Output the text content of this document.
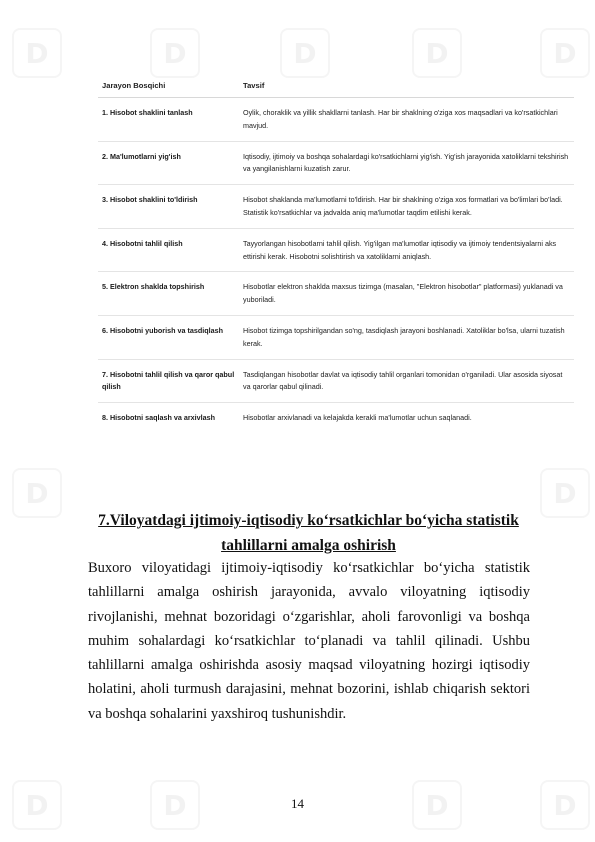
D	D	D	D	D
D	D
D	D	D	D
Jarayon Bosqichi	Tavsif
1. Hisobot shaklini tanlash	Oylik, choraklik va yillik shakllarni tanlash. Har bir shaklning o'ziga xos maqsadlari va ko'rsatkichlari mavjud.
2. Ma'lumotlarni yig'ish	Iqtisodiy, ijtimoiy va boshqa sohalardagi ko'rsatkichlarni yig'ish. Yig'ish jarayonida xatoliklarni tekshirish va yangilanishlarni kuzatish zarur.
3. Hisobot shaklini to'ldirish	Hisobot shaklanda ma'lumotlarni to'ldirish. Har bir shaklning o'ziga xos formatlari va bo'limlari bo'ladi. Statistik ko'rsatkichlar va jadvalda aniq ma'lumotlar taqdim etilishi kerak.
4. Hisobotni tahlil qilish	Tayyorlangan hisobotlarni tahlil qilish. Yig'ilgan ma'lumotlar iqtisodiy va ijtimoiy tendentsiyalarni aks ettirishi kerak. Hisobotni solishtirish va xatoliklarni aniqlash.
5. Elektron shaklda topshirish	Hisobotlar elektron shaklda maxsus tizimga (masalan, "Elektron hisobotlar" platformasi) yuklanadi va yuboriladi.
6. Hisobotni yuborish va tasdiqlash	Hisobot tizimga topshirilgandan so'ng, tasdiqlash jarayoni boshlanadi. Xatoliklar bo'lsa, ularni tuzatish kerak.
7. Hisobotni tahlil qilish va qaror qabul qilish	Tasdiqlangan hisobotlar davlat va iqtisodiy tahlil organlari tomonidan o'rganiladi. Ular asosida siyosat va qarorlar qabul qilinadi.
8. Hisobotni saqlash va arxivlash	Hisobotlar arxivlanadi va kelajakda kerakli ma'lumotlar uchun saqlanadi.
7.Viloyatdagi ijtimoiy-iqtisodiy ko‘rsatkichlar bo‘yicha statistik
tahlillarni amalga oshirish

Buxoro viloyatidagi ijtimoiy-iqtisodiy ko‘rsatkichlar bo‘yicha statistik tahlillarni amalga oshirish jarayonida, avvalo viloyatning iqtisodiy rivojlanishi, mehnat bozoridagi o‘zgarishlar, aholi farovonligi va boshqa muhim sohalardagi ko‘rsatkichlar to‘planadi va tahlil qilinadi. Ushbu tahlillarni amalga oshirishda asosiy maqsad viloyatning hozirgi iqtisodiy holatini, aholi turmush darajasini, mehnat bozorini, ishlab chiqarish sektori va boshqa sohalarini yaxshiroq tushunishdir.

14
